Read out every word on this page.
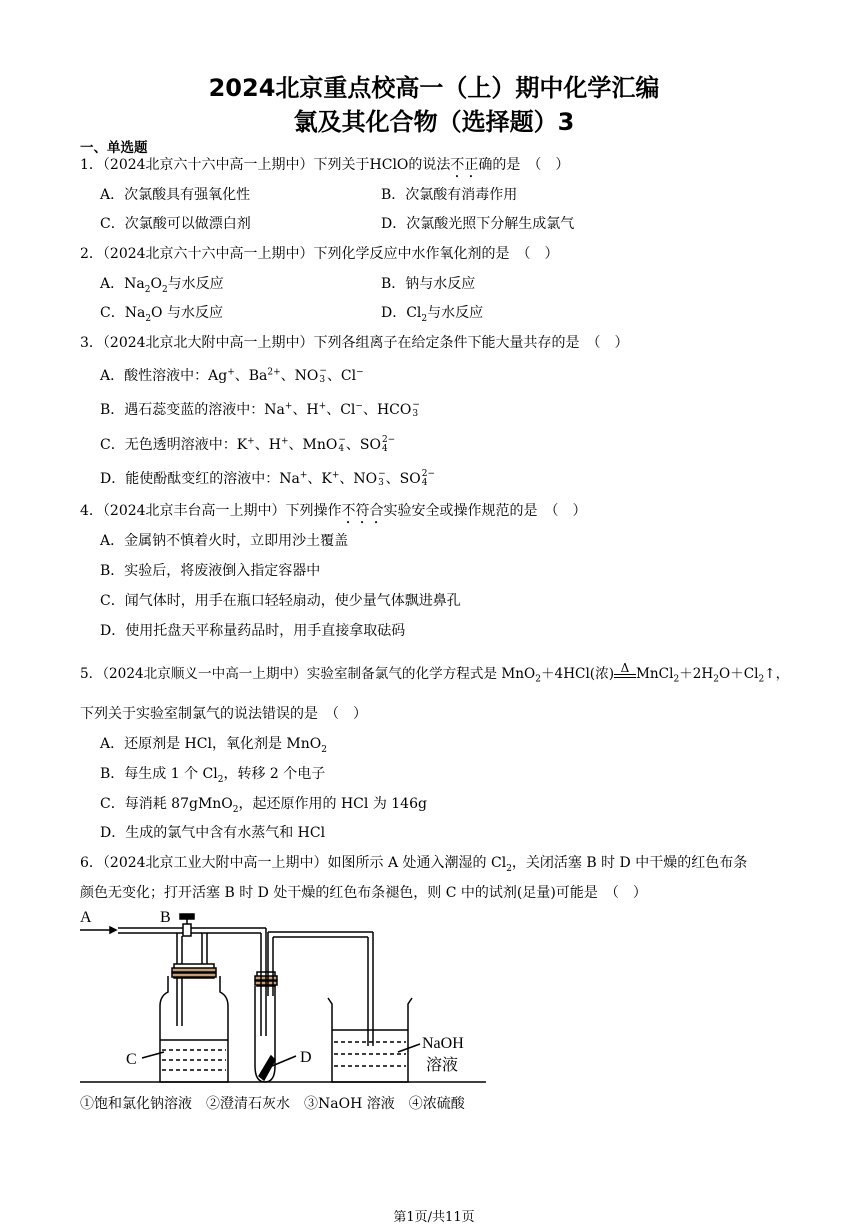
2024北京重点校高一（上）期中化学汇编
氯及其化合物（选择题）3
一、单选题
1．（2024北京六十六中高一上期中）下列关于HClO的说法不正确的是　（　）
A．次氯酸具有强氧化性	B．次氯酸有消毒作用
C．次氯酸可以做漂白剂	D．次氯酸光照下分解生成氯气
2．（2024北京六十六中高一上期中）下列化学反应中水作氧化剂的是　（　）
A．$Na_2O_2$与水反应	B．钠与水反应
C．$Na_2O$ 与水反应	D．$Cl_2$与水反应
3．（2024北京北大附中高一上期中）下列各组离子在给定条件下能大量共存的是　（　）
A．酸性溶液中：Ag+、$Ba^{2+}$、NO −
3 、Cl−
B．遇石蕊变蓝的溶液中：Na+、H+、Cl−、HCO −
3
C．无色透明溶液中：K+、H+、MnO −
4 、SO 2−
4
D．能使酚酞变红的溶液中：Na+、K+、NO −
3 、SO 2−
4
4．（2024北京丰台高一上期中）下列操作不符合实验安全或操作规范的是　（　）
A．金属钠不慎着火时，立即用沙土覆盖
B．实验后，将废液倒入指定容器中
C．闻气体时，用手在瓶口轻轻扇动，使少量气体飘进鼻孔
D．使用托盘天平称量药品时，用手直接拿取砝码
5．（2024北京顺义一中高一上期中）实验室制备氯气的化学方程式是 MnO$_2$＋4HCl(浓) Δ $MnCl_2+2H_2O+Cl_2↑$，
下列关于实验室制氯气的说法错误的是　（　）
A．还原剂是 HCl，氧化剂是 MnO$_2$
B．每生成 1 个 $Cl_2$，转移 2 个电子
C．每消耗 87gMnO$_2$，起还原作用的 HCl 为 146g
D．生成的氯气中含有水蒸气和 HCl
6．（2024北京工业大附中高一上期中）如图所示 A 处通入潮湿的 $Cl_2$，关闭活塞 B 时 D 中干燥的红色布条
颜色无变化；打开活塞 B 时 D 处干燥的红色布条褪色，则 C 中的试剂(足量)可能是　（　）
A	B
C	D
NaOH
溶液
①饱和氯化钠溶液　②澄清石灰水　③NaOH 溶液　④浓硫酸
第1页/共11页
